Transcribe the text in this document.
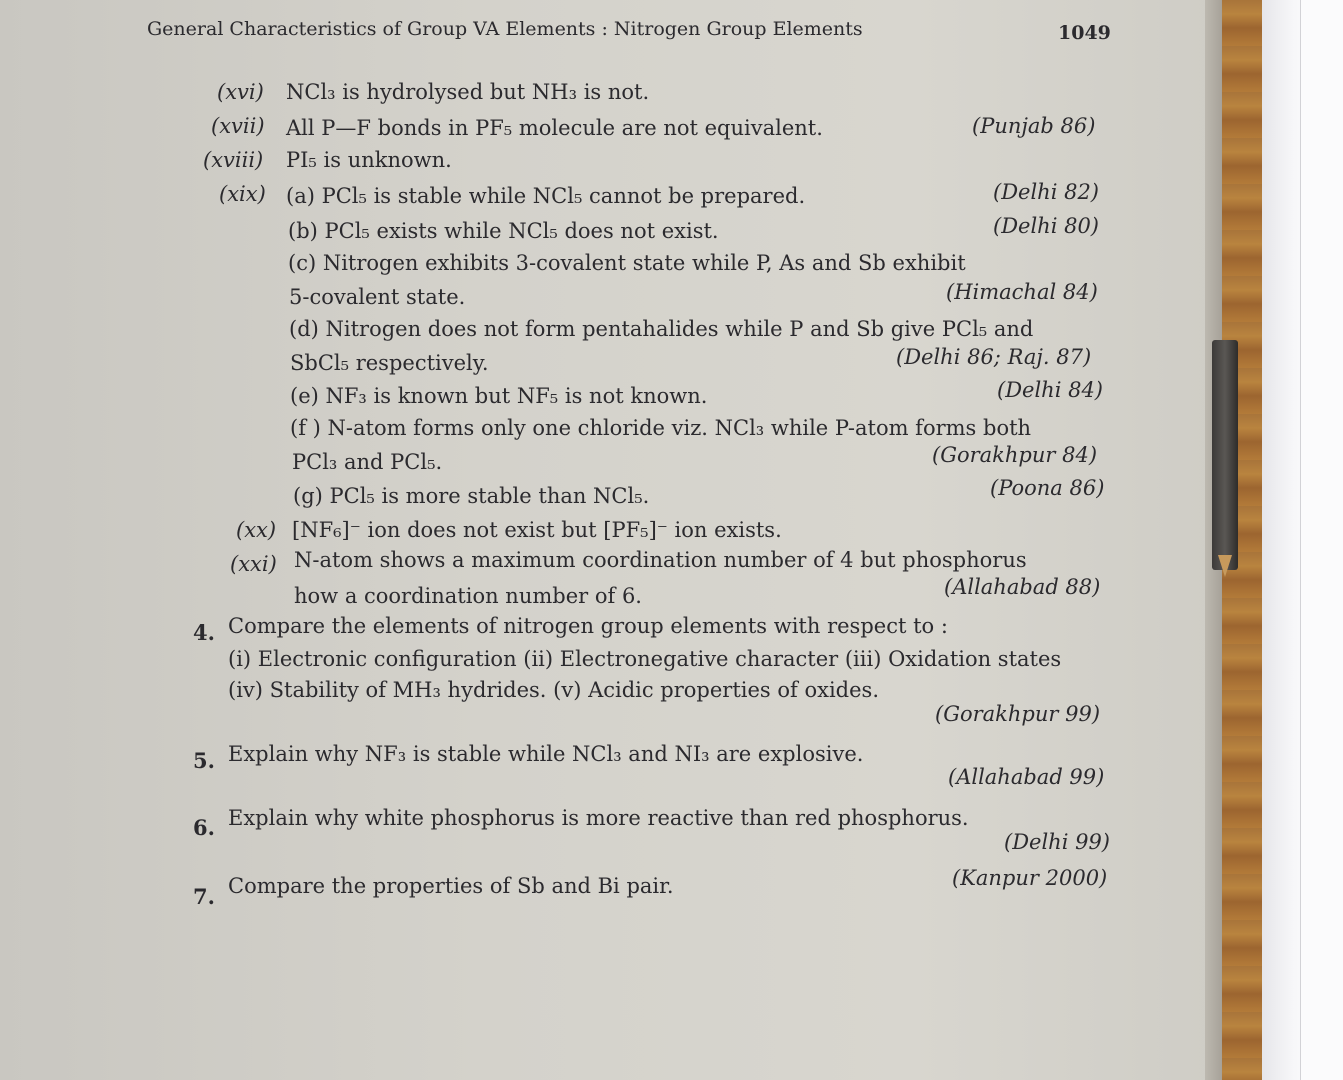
General Characteristics of Group VA Elements : Nitrogen Group Elements	1049
(xvi) NCl₃ is hydrolysed but NH₃ is not.
(xvii) All P—F bonds in PF₅ molecule are not equivalent.	(Punjab 86)
(xviii) PI₅ is unknown.
(xix) (a) PCl₅ is stable while NCl₅ cannot be prepared.	(Delhi 82)
(b) PCl₅ exists while NCl₅ does not exist.	(Delhi 80)
(c) Nitrogen exhibits 3-covalent state while P, As and Sb exhibit
5-covalent state.	(Himachal 84)
(d) Nitrogen does not form pentahalides while P and Sb give PCl₅ and
SbCl₅ respectively.	(Delhi 86; Raj. 87)
(e) NF₃ is known but NF₅ is not known.	(Delhi 84)
(f ) N-atom forms only one chloride viz. NCl₃ while P-atom forms both
PCl₃ and PCl₅.	(Gorakhpur 84)
(g) PCl₅ is more stable than NCl₅.	(Poona 86)
(xx) [NF₆]⁻ ion does not exist but [PF₅]⁻ ion exists.
(xxi) N-atom shows a maximum coordination number of 4 but phosphorus
how a coordination number of 6.	(Allahabad 88)
4. Compare the elements of nitrogen group elements with respect to :
(i) Electronic configuration (ii) Electronegative character (iii) Oxidation states
(iv) Stability of MH₃ hydrides. (v) Acidic properties of oxides.
(Gorakhpur 99)
5. Explain why NF₃ is stable while NCl₃ and NI₃ are explosive.
(Allahabad 99)
6. Explain why white phosphorus is more reactive than red phosphorus.
(Delhi 99)
7. Compare the properties of Sb and Bi pair.	(Kanpur 2000)
